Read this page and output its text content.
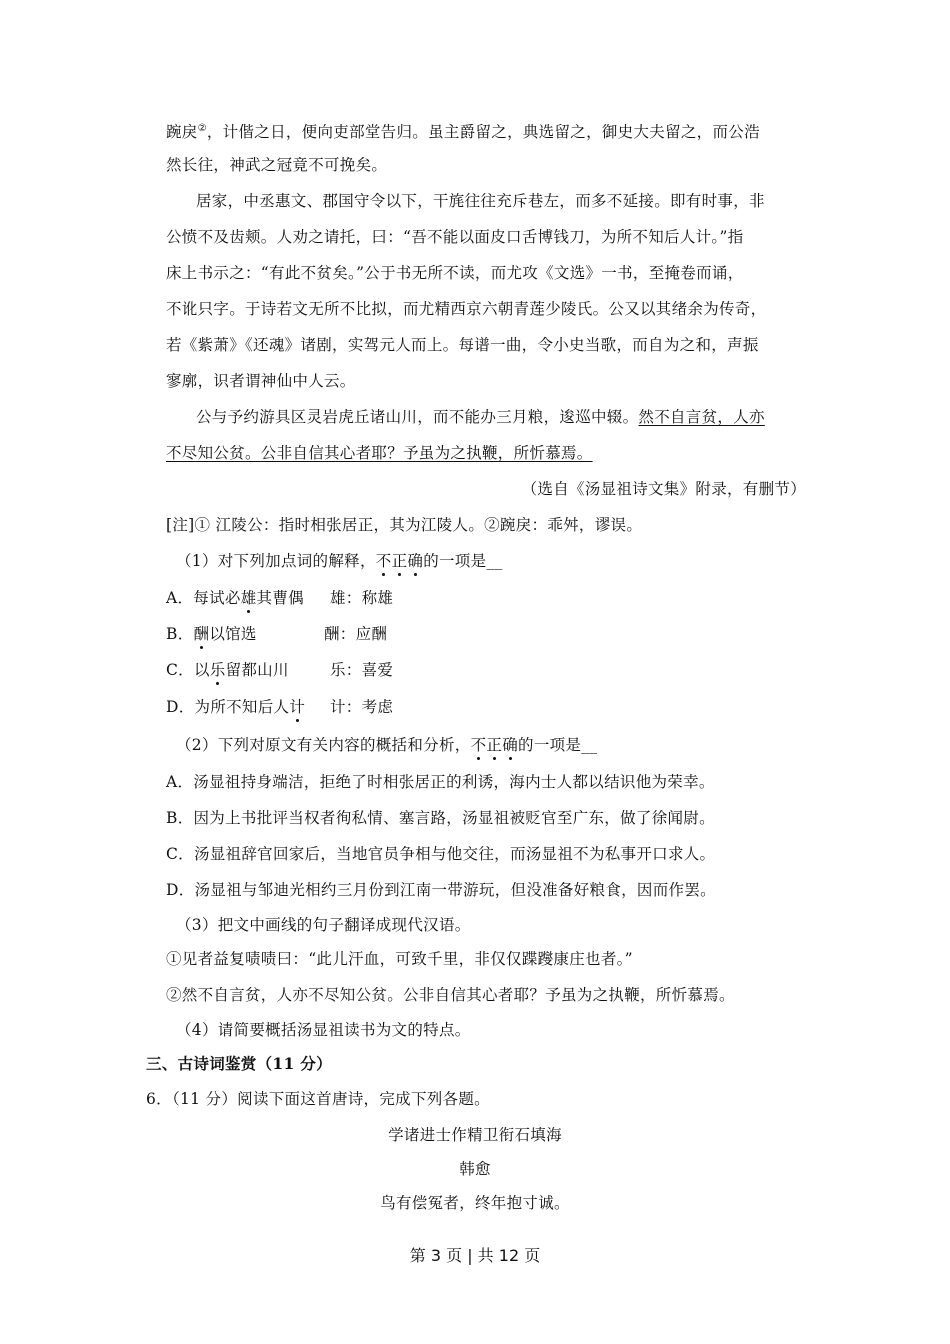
踠戾②，计偕之日，便向吏部堂告归。虽主爵留之，典选留之，御史大夫留之，而公浩
然长往，神武之冠竟不可挽矣。
居家，中丞惠文、郡国守令以下，干旄往往充斥巷左，而多不延接。即有时事，非
公愤不及齿颊。人劝之请托，曰：“吾不能以面皮口舌博钱刀，为所不知后人计。”指
床上书示之：“有此不贫矣。”公于书无所不读，而尤攻《文选》一书，至掩卷而诵，
不讹只字。于诗若文无所不比拟，而尤精西京六朝青莲少陵氏。公又以其绪余为传奇，
若《紫萧》《还魂》诸剧，实驾元人而上。每谱一曲，令小史当歌，而自为之和，声振
寥廓，识者谓神仙中人云。
公与予约游具区灵岩虎丘诸山川，而不能办三月粮，逡巡中辍。然不自言贫，人亦
不尽知公贫。公非自信其心者耶？予虽为之执鞭，所忻慕焉。
（选自《汤显祖诗文集》附录，有删节）
[注]① 江陵公：指时相张居正，其为江陵人。②踠戾：乖舛，谬误。
（1）对下列加点词的解释，不正确的一项是__
A．每试必雄其曹偶 雄：称雄
B．酬以馆选	酬：应酬
C．以乐留都山川	乐：喜爱
D．为所不知后人计 计：考虑
（2）下列对原文有关内容的概括和分析，不正确的一项是__
A．汤显祖持身端洁，拒绝了时相张居正的利诱，海内士人都以结识他为荣幸。
B．因为上书批评当权者徇私情、塞言路，汤显祖被贬官至广东，做了徐闻尉。
C．汤显祖辞官回家后，当地官员争相与他交往，而汤显祖不为私事开口求人。
D．汤显祖与邹迪光相约三月份到江南一带游玩，但没准备好粮食，因而作罢。
（3）把文中画线的句子翻译成现代汉语。
①见者益复啧啧曰：“此儿汗血，可致千里，非仅仅蹀躞康庄也者。”
②然不自言贫，人亦不尽知公贫。公非自信其心者耶？予虽为之执鞭，所忻慕焉。
（4）请简要概括汤显祖读书为文的特点。
三、古诗词鉴赏（11 分）
6．（11 分）阅读下面这首唐诗，完成下列各题。
学诸进士作精卫衔石填海
韩愈
鸟有偿冤者，终年抱寸诚。
第 3 页 | 共 12 页
